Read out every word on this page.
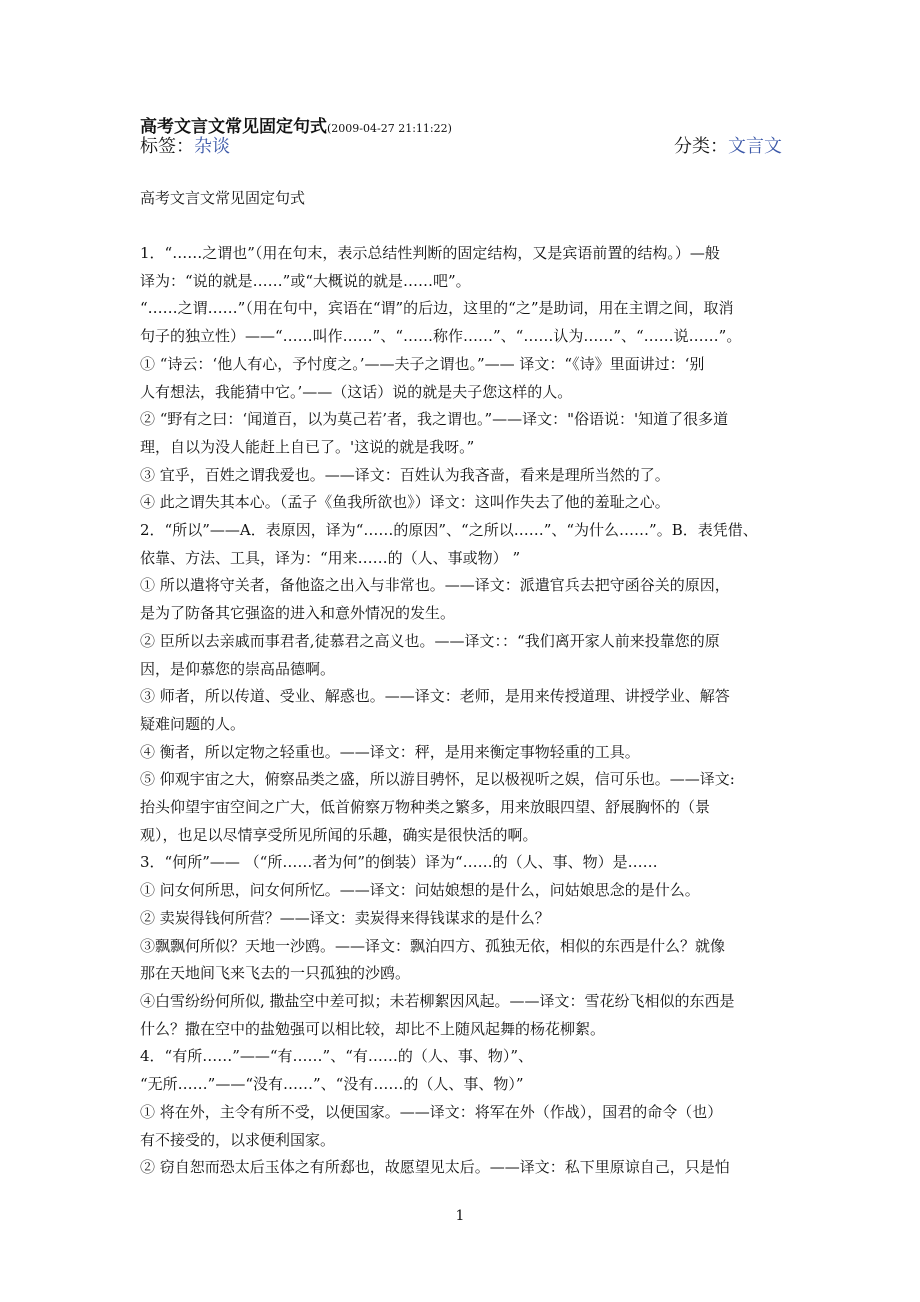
高考文言文常见固定句式(2009-04-27 21:11:22)
标签：杂谈	分类：文言文
高考文言文常见固定句式

1．“……之谓也”（用在句末，表示总结性判断的固定结构，又是宾语前置的结构。）—般

译为：“说的就是……”或“大概说的就是……吧”。

“……之谓……”（用在句中，宾语在“谓”的后边，这里的“之”是助词，用在主谓之间，取消

句子的独立性）——“……叫作……”、“……称作……”、“……认为……”、“……说……”。

① “诗云：‘他人有心，予忖度之。’——夫子之谓也。”—— 译文：“《诗》里面讲过：‘别

人有想法，我能猜中它。’——（这话）说的就是夫子您这样的人。

② “野有之曰：‘闻道百，以为莫己若’者，我之谓也。”——译文："俗语说：'知道了很多道

理，自以为没人能赶上自已了。'这说的就是我呀。”

③ 宜乎，百姓之谓我爱也。——译文：百姓认为我吝啬，看来是理所当然的了。

④ 此之谓失其本心。（孟子《鱼我所欲也》）译文：这叫作失去了他的羞耻之心。

2．“所以”——A．表原因，译为“……的原因”、“之所以……”、“为什么……”。B．表凭借、

依靠、方法、工具，译为：“用来……的（人、事或物） ”

① 所以遣将守关者，备他盗之出入与非常也。——译文：派遣官兵去把守函谷关的原因，

是为了防备其它强盗的进入和意外情况的发生。

② 臣所以去亲戚而事君者,徒慕君之高义也。——译文：：“我们离开家人前来投靠您的原

因，是仰慕您的崇高品德啊。

③ 师者，所以传道、受业、解惑也。——译文：老师，是用来传授道理、讲授学业、解答

疑难问题的人。

④ 衡者，所以定物之轻重也。——译文：秤，是用来衡定事物轻重的工具。

⑤ 仰观宇宙之大，俯察品类之盛，所以游目骋怀，足以极视听之娱，信可乐也。——译文:

抬头仰望宇宙空间之广大，低首俯察万物种类之繁多，用来放眼四望、舒展胸怀的（景

观），也足以尽情享受所见所闻的乐趣，确实是很快活的啊。

3．“何所”—— （“所……者为何”的倒装）译为“……的（人、事、物）是……

① 问女何所思，问女何所忆。——译文：问姑娘想的是什么，问姑娘思念的是什么。

② 卖炭得钱何所营？——译文：卖炭得来得钱谋求的是什么？

③飘飘何所似？天地一沙鸥。——译文：飘泊四方、孤独无依，相似的东西是什么？就像

那在天地间飞来飞去的一只孤独的沙鸥。

④白雪纷纷何所似, 撒盐空中差可拟；未若柳絮因风起。——译文：雪花纷飞相似的东西是

什么？撒在空中的盐勉强可以相比较，却比不上随风起舞的杨花柳絮。

4．“有所……”——“有……”、“有……的（人、事、物）”、

“无所……”——“没有……”、“没有……的（人、事、物）”

① 将在外，主令有所不受，以便国家。——译文：将军在外（作战），国君的命令（也）

有不接受的，以求便利国家。

② 窃自恕而恐太后玉体之有所郄也，故愿望见太后。——译文：私下里原谅自己，只是怕

1
